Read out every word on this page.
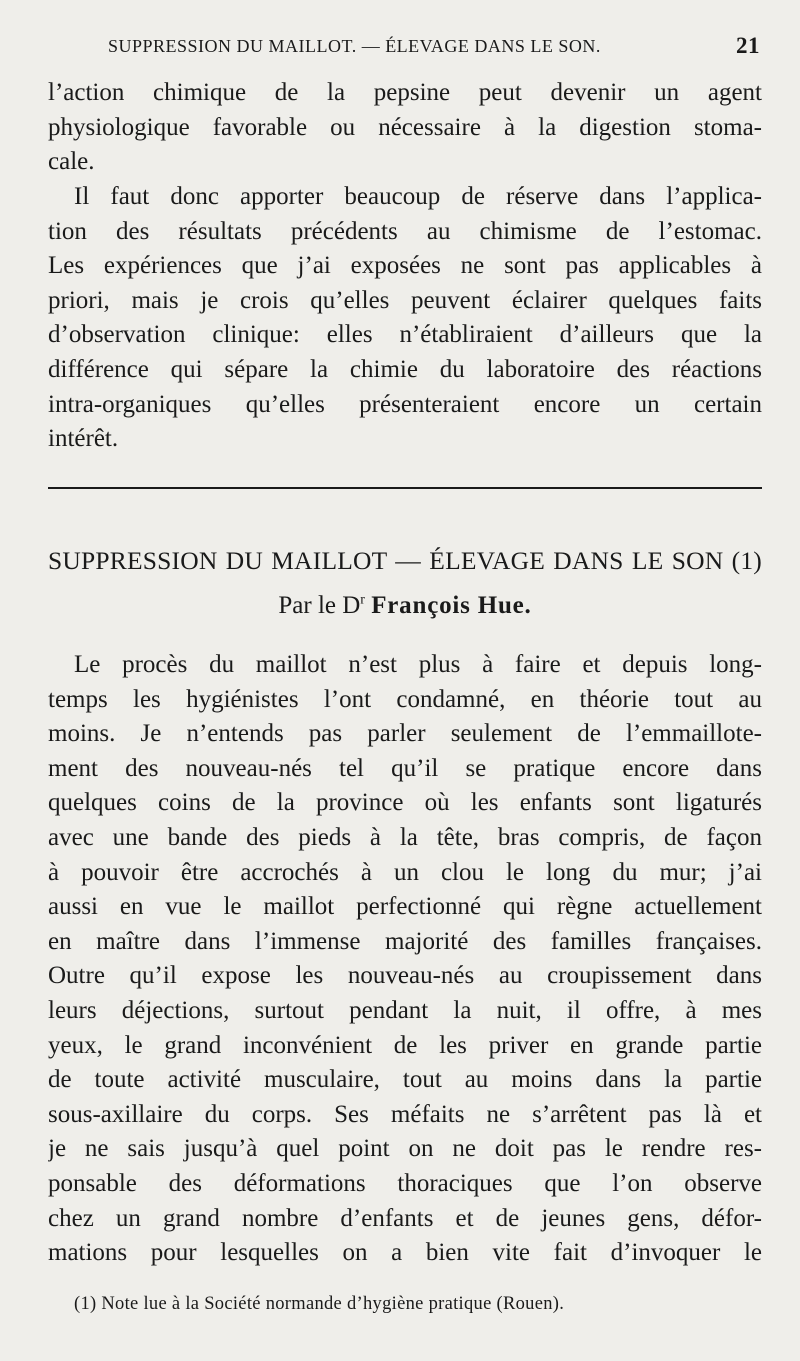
SUPPRESSION DU MAILLOT. — ÉLEVAGE DANS LE SON.	21
l’action chimique de la pepsine peut devenir un agent
physiologique favorable ou nécessaire à la digestion stoma-
cale.
Il faut donc apporter beaucoup de réserve dans l’applica-
tion des résultats précédents au chimisme de l’estomac.
Les expériences que j’ai exposées ne sont pas applicables à
priori, mais je crois qu’elles peuvent éclairer quelques faits
d’observation clinique: elles n’établiraient d’ailleurs que la
différence qui sépare la chimie du laboratoire des réactions
intra-organiques qu’elles présenteraient encore un certain
intérêt.
SUPPRESSION DU MAILLOT — ÉLEVAGE DANS LE SON (1)
Par le $D^r$ François Hue.
Le procès du maillot n’est plus à faire et depuis long-
temps les hygiénistes l’ont condamné, en théorie tout au
moins. Je n’entends pas parler seulement de l’emmaillote-
ment des nouveau-nés tel qu’il se pratique encore dans
quelques coins de la province où les enfants sont ligaturés
avec une bande des pieds à la tête, bras compris, de façon
à pouvoir être accrochés à un clou le long du mur; j’ai
aussi en vue le maillot perfectionné qui règne actuellement
en maître dans l’immense majorité des familles françaises.
Outre qu’il expose les nouveau-nés au croupissement dans
leurs déjections, surtout pendant la nuit, il offre, à mes
yeux, le grand inconvénient de les priver en grande partie
de toute activité musculaire, tout au moins dans la partie
sous-axillaire du corps. Ses méfaits ne s’arrêtent pas là et
je ne sais jusqu’à quel point on ne doit pas le rendre res-
ponsable des déformations thoraciques que l’on observe
chez un grand nombre d’enfants et de jeunes gens, défor-
mations pour lesquelles on a bien vite fait d’invoquer le
(1) Note lue à la Société normande d’hygiène pratique (Rouen).
